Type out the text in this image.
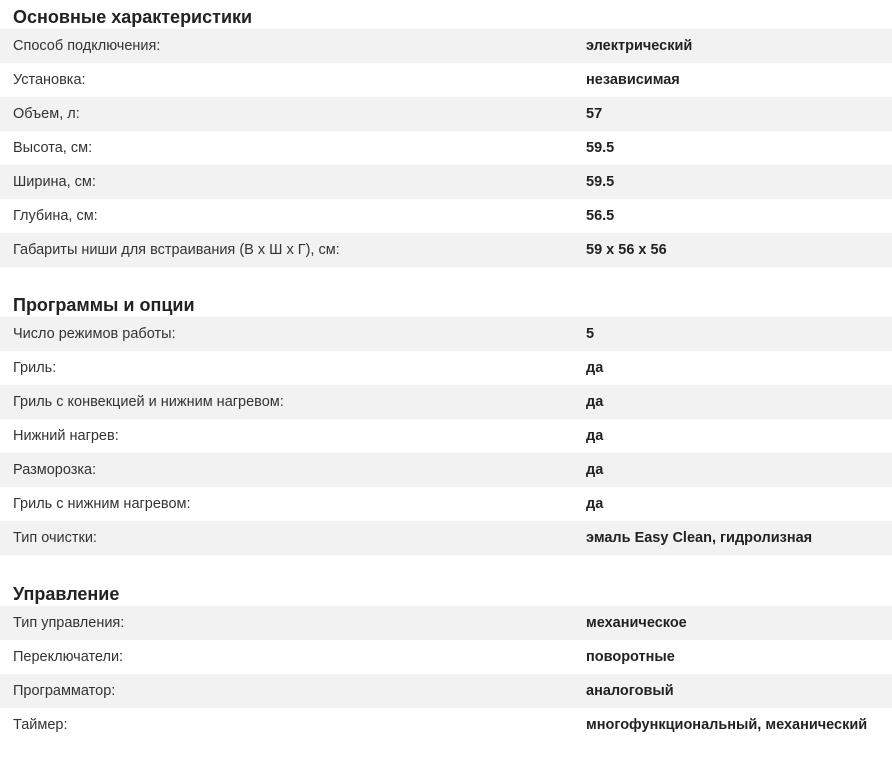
Основные характеристики
Способ подключения:	электрический
Установка:	независимая
Объем, л:	57
Высота, см:	59.5
Ширина, см:	59.5
Глубина, см:	56.5
Габариты ниши для встраивания (В x Ш x Г), см:	59 x 56 x 56
Программы и опции
Число режимов работы:	5
Гриль:	да
Гриль с конвекцией и нижним нагревом:	да
Нижний нагрев:	да
Разморозка:	да
Гриль с нижним нагревом:	да
Тип очистки:	эмаль Easy Clean, гидролизная
Управление
Тип управления:	механическое
Переключатели:	поворотные
Программатор:	аналоговый
Таймер:	многофункциональный, механический
